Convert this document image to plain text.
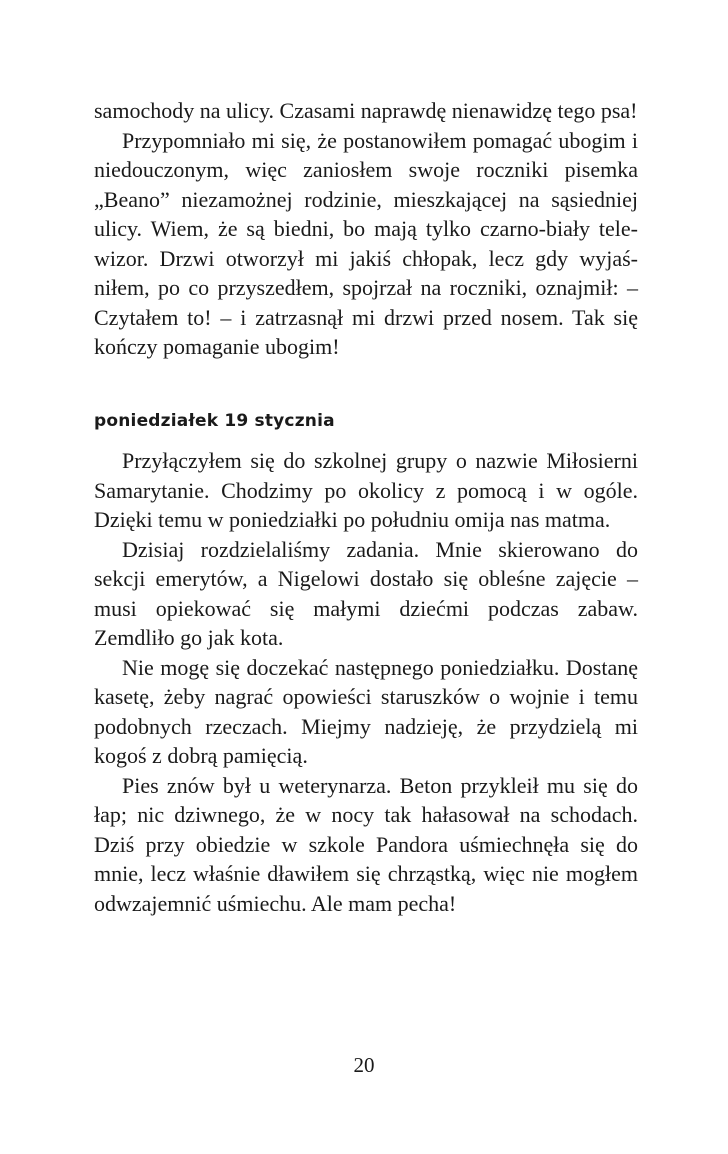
samochody na ulicy. Czasami naprawdę nienawidzę tego psa!

Przypomniało mi się, że postanowiłem pomagać ubogim i niedouczonym, więc zaniosłem swoje roczniki pisemka „Beano” niezamożnej rodzinie, mieszkającej na sąsiedniej ulicy. Wiem, że są biedni, bo mają tylko czarno-biały telewizor. Drzwi otworzył mi jakiś chłopak, lecz gdy wyjaśniłem, po co przyszedłem, spojrzał na roczniki, oznajmił: – Czytałem to! – i zatrzasnął mi drzwi przed nosem. Tak się kończy pomaganie ubogim!

poniedziałek 19 stycznia

Przyłączyłem się do szkolnej grupy o nazwie Miłosierni Samarytanie. Chodzimy po okolicy z pomocą i w ogóle. Dzięki temu w poniedziałki po południu omija nas matma.

Dzisiaj rozdzielaliśmy zadania. Mnie skierowano do sekcji emerytów, a Nigelowi dostało się obleśne zajęcie – musi opiekować się małymi dziećmi podczas zabaw. Zemdliło go jak kota.

Nie mogę się doczekać następnego poniedziałku. Dostanę kasetę, żeby nagrać opowieści staruszków o wojnie i temu podobnych rzeczach. Miejmy nadzieję, że przydzielą mi kogoś z dobrą pamięcią.

Pies znów był u weterynarza. Beton przykleił mu się do łap; nic dziwnego, że w nocy tak hałasował na schodach. Dziś przy obiedzie w szkole Pandora uśmiechnęła się do mnie, lecz właśnie dławiłem się chrząstką, więc nie mogłem odwzajemnić uśmiechu. Ale mam pecha!

20
